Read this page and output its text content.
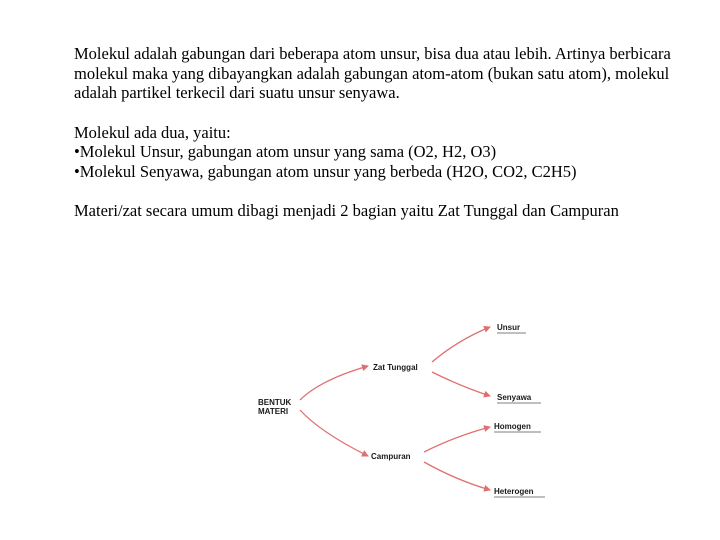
Molekul adalah gabungan dari beberapa atom unsur, bisa dua atau lebih. Artinya berbicara molekul maka yang dibayangkan adalah gabungan atom-atom (bukan satu atom), molekul adalah partikel terkecil dari suatu unsur senyawa.

Molekul ada dua, yaitu:
•Molekul Unsur, gabungan atom unsur yang sama (O2, H2, O3)
•Molekul Senyawa, gabungan atom unsur yang berbeda (H2O, CO2, C2H5)

Materi/zat secara umum dibagi menjadi 2 bagian yaitu Zat Tunggal dan Campuran

BENTUK
MATERI
Zat Tunggal
Campuran
Unsur
Senyawa
Homogen
Heterogen
